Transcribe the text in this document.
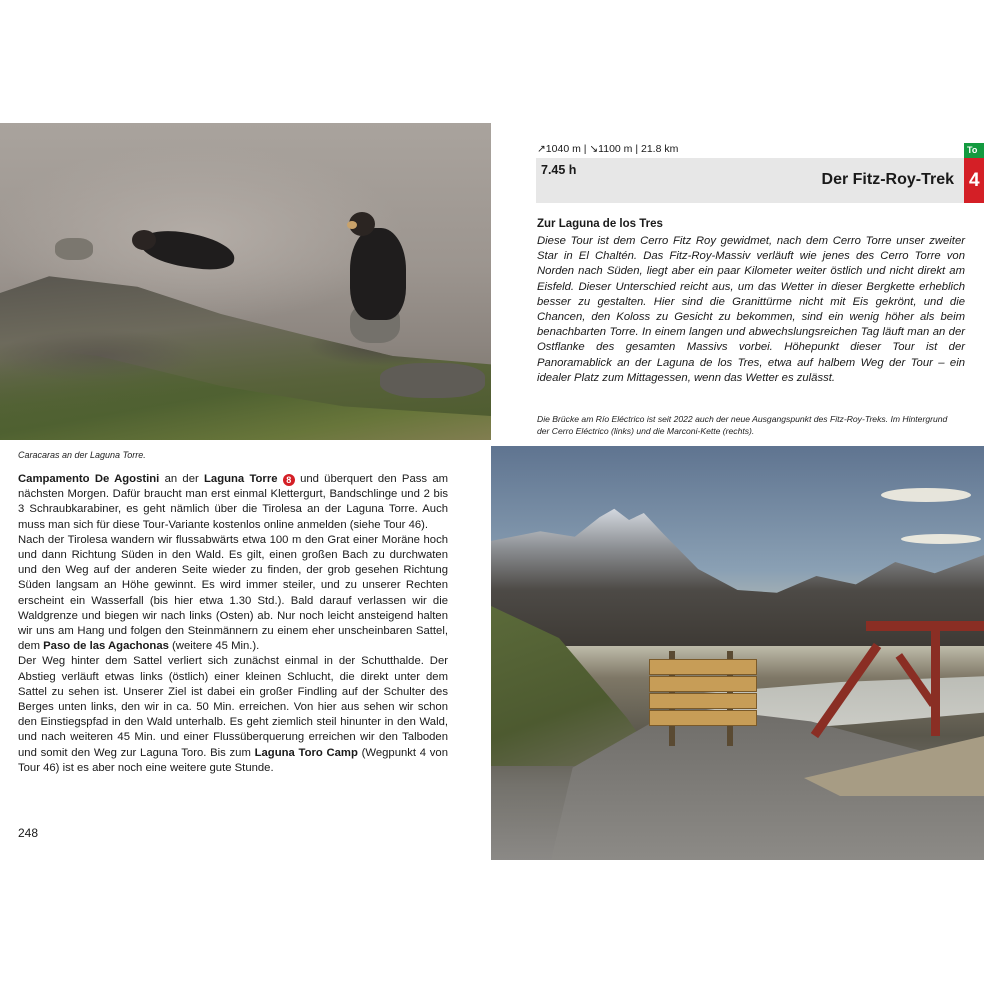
Caracaras an der Laguna Torre.

Campamento De Agostini an der Laguna Torre 8 und überquert den Pass am nächsten Morgen. Dafür braucht man erst einmal Klettergurt, Bandschlinge und 2 bis 3 Schraubkarabiner, es geht nämlich über die Tirolesa an der Laguna Torre. Auch muss man sich für diese Tour-Variante kostenlos online anmelden (siehe Tour 46).

Nach der Tirolesa wandern wir flussabwärts etwa 100 m den Grat einer Moräne hoch und dann Richtung Süden in den Wald. Es gilt, einen großen Bach zu durchwaten und den Weg auf der anderen Seite wieder zu finden, der grob gesehen Richtung Süden langsam an Höhe gewinnt. Es wird immer steiler, und zu unserer Rechten erscheint ein Wasserfall (bis hier etwa 1.30 Std.). Bald darauf verlassen wir die Waldgrenze und biegen wir nach links (Osten) ab. Nur noch leicht ansteigend halten wir uns am Hang und folgen den Steinmännern zu einem eher unscheinbaren Sattel, dem Paso de las Agachonas (weitere 45 Min.).

Der Weg hinter dem Sattel verliert sich zunächst einmal in der Schutthalde. Der Abstieg verläuft etwas links (östlich) einer kleinen Schlucht, die direkt unter dem Sattel zu sehen ist. Unserer Ziel ist dabei ein großer Findling auf der Schulter des Berges unten links, den wir in ca. 50 Min. erreichen. Von hier aus sehen wir schon den Einstiegspfad in den Wald unterhalb. Es geht ziemlich steil hinunter in den Wald, und nach weiteren 45 Min. und einer Flussüberquerung erreichen wir den Talboden und somit den Weg zur Laguna Toro. Bis zum Laguna Toro Camp (Wegpunkt 4 von Tour 46) ist es aber noch eine weitere gute Stunde.

248
↗1040 m | ↘1100 m | 21.8 km
7.45 h
Der Fitz-Roy-Trek
To
4
Zur Laguna de los Tres
Diese Tour ist dem Cerro Fitz Roy gewidmet, nach dem Cerro Torre unser zweiter Star in El Chaltén. Das Fitz-Roy-Massiv verläuft wie jenes des Cerro Torre von Norden nach Süden, liegt aber ein paar Kilometer weiter östlich und nicht direkt am Eisfeld. Dieser Unterschied reicht aus, um das Wetter in dieser Bergkette erheblich besser zu gestalten. Hier sind die Granittürme nicht mit Eis gekrönt, und die Chancen, den Koloss zu Gesicht zu bekommen, sind ein wenig höher als beim benachbarten Torre. In einem langen und abwechslungsreichen Tag läuft man an der Ostflanke des gesamten Massivs vorbei. Höhepunkt dieser Tour ist der Panoramablick an der Laguna de los Tres, etwa auf halbem Weg der Tour – ein idealer Platz zum Mittagessen, wenn das Wetter es zulässt.
Die Brücke am Río Eléctrico ist seit 2022 auch der neue Ausgangspunkt des Fitz-Roy-Treks. Im Hintergrund der Cerro Eléctrico (links) und die Marconi-Kette (rechts).
